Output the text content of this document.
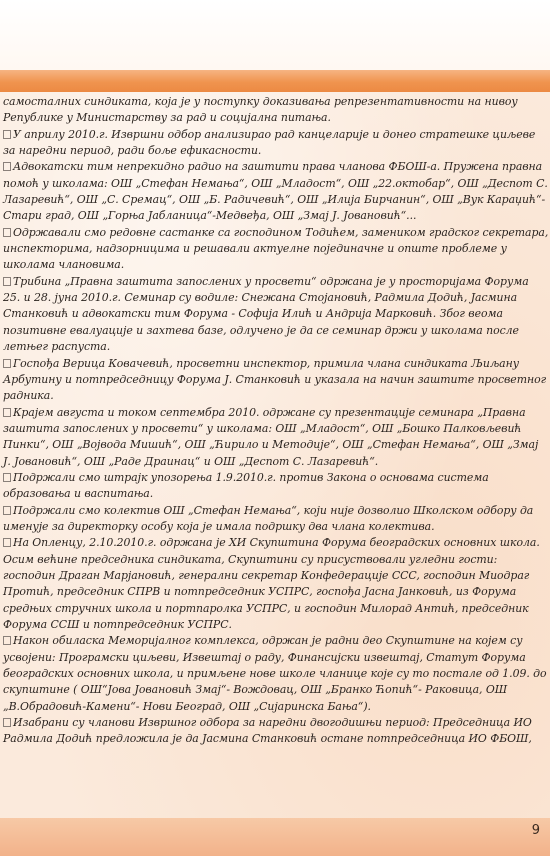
самосталних синдиката, која је у поступку доказивања репрезентативности на нивоу Републике у Министарству за рад и социјална питања.

У априлу 2010.г. Извршни одбор анализирао рад канцеларије и донео стратешке циљеве за наредни период, ради боље ефикасности.

Адвокатски тим непрекидно радио на заштити права чланова ФБОШ-а. Пружена правна помоћ у школама: ОШ „Стефан Немања“, ОШ „Младост“, ОШ „22.октобар“, ОШ „Деспот С. Лазаревић“, ОШ „С. Сремац“, ОШ „Б. Радичевић“, ОШ „Илија Бирчанин“, ОШ „Вук Караџић“- Стари град, ОШ „Горња Јабланица“-Медвеђа, ОШ „Змај Ј. Јовановић“...

Одржавали смо редовне састанке са господином Тодићем, замеником градског секретара, инспекторима, надзорницима и решавали актуелне појединачне и опште проблеме у школама члановима.

Трибина „Правна заштита запослених у просвети“ одржана је у просторијама Форума 25. и 28. јуна 2010.г. Семинар су водиле: Снежана Стојановић, Радмила Додић, Јасмина Станковић и адвокатски тим Форума - Софија Илић и Андрија Марковић. Због веома позитивне евалуације и захтева базе, одлучено је да се семинар држи у школама после летњег распуста.

Госпођа Верица Ковачевић, просветни инспектор, примила члана синдиката Љиљану Арбутину и потпредседницу Форума Ј. Станковић и указала на начин заштите просветног радника.

Крајем августа и током септембра 2010. одржане су презентације семинара „Правна заштита запослених у просвети“ у школама: ОШ „Младост“, ОШ „Бошко Палковљевић Пинки“, ОШ „Војвода Мишић“, ОШ „Ћирило и Методије“, ОШ „Стефан Немања“, ОШ „Змај Ј. Јовановић“, ОШ „Раде Драинац“ и ОШ „Деспот С. Лазаревић“.

Подржали смо штрајк упозорења 1.9.2010.г. против Закона о основама система образовања и васпитања.

Подржали смо колектив ОШ „Стефан Немања“, који није дозволио Школском одбору да именује за директорку особу која је имала подршку два члана колектива.

На Опленцу, 2.10.2010.г. одржана је XИ Скупштина Форума београдских основних школа. Осим већине председника синдиката, Скупштини су присуствовали угледни гости: господин Драган Марјановић, генерални секретар Конфедерације CCC, господин Миодраг Протић, председник СПРВ и потпредседник УСПРС, госпођа Јасна Јанковић, из Форума средњих стручних школа и портпаролка УСПРС, и господин Милорад Антић, председник Форума ССШ и потпредседник УСПРС.

Након обиласка Меморијалног комплекса, одржан је радни део Скупштине на којем су усвојени: Програмски циљеви, Извештај о раду, Финансијски извештај, Статут Форума београдских основних школа, и примљене нове школе чланице које су то постале од 1.09. до скупштине ( ОШ“Јова Јовановић Змај“- Вождовац, ОШ „Бранко Ћопић“- Раковица, ОШ „В.Обрадовић-Камени“- Нови Београд, ОШ „Сијаринска Бања“).

Изабрани су чланови Извршног одбора за наредни двогодишњи период: Председница ИО Радмила Додић предложила је да Јасмина Станковић остане потпредседница ИО ФБОШ,

9
